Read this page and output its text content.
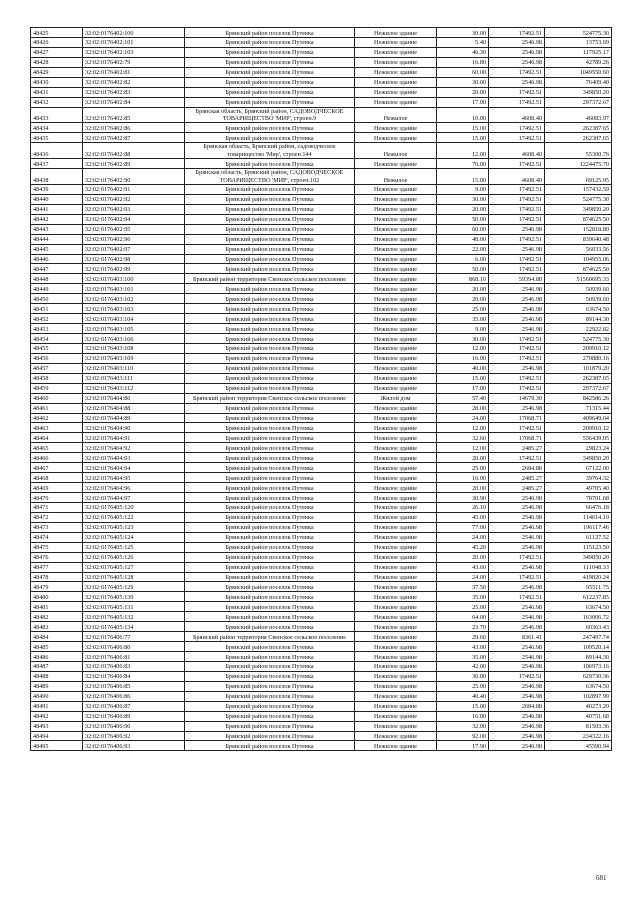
48425	32:02:0176402:100	Брянский район поселок Путевка	Нежилое здание	30.00	17492.51	524775.30
48426	32:02:0176402:101	Брянский район поселок Путевка	Нежилое здание	5.40	2546.98	13753.69
48427	32:02:0176402:103	Брянский район поселок Путевка	Нежилое здание	46.30	2546.98	117925.17
48428	32:02:0176402:79	Брянский район поселок Путевка	Нежилое здание	16.80	2546.98	42789.26
48429	32:02:0176402:81	Брянский район поселок Путевка	Нежилое здание	60.00	17492.51	1049550.60
48430	32:02:0176402:82	Брянский район поселок Путевка	Нежилое здание	30.00	2546.98	76409.40
48431	32:02:0176402:83	Брянский район поселок Путевка	Нежилое здание	20.00	17492.51	349850.20
48432	32:02:0176402:84	Брянский район поселок Путевка	Нежилое здание	17.00	17492.51	297372.67
48433	32:02:0176402:85	Брянская область, Брянский район, САДОВОДЧЕСКОЕ ТОВАРИЩЕСТВО 'МИР', строен.9	Нежилое	10.00	4608.40	46083.97
48434	32:02:0176402:86	Брянский район поселок Путевка	Нежилое здание	15.00	17492.51	262387.65
48435	32:02:0176402:87	Брянский район поселок Путевка	Нежилое здание	15.00	17492.51	262387.65
48436	32:02:0176402:88	Брянская область, Брянский район, садоводческое товарищество 'Мир', строен.144	Нежилое	12.00	4608.40	55300.76
48437	32:02:0176402:89	Брянский район поселок Путевка	Нежилое здание	70.00	17492.51	1224475.70
48438	32:02:0176402:90	Брянская область, Брянский район, САДОВОДЧЕСКОЕ ТОВАРИЩЕСТВО 'МИР', строен.102	Нежилое	15.00	4608.40	69125.95
48439	32:02:0176402:91	Брянский район поселок Путевка	Нежилое здание	9.00	17492.51	157432.59
48440	32:02:0176402:92	Брянский район поселок Путевка	Нежилое здание	30.00	17492.51	524775.30
48441	32:02:0176402:93	Брянский район поселок Путевка	Нежилое здание	20.00	17492.51	349850.20
48442	32:02:0176402:94	Брянский район поселок Путевка	Нежилое здание	50.00	17492.51	874625.50
48443	32:02:0176402:95	Брянский район поселок Путевка	Нежилое здание	60.00	2546.98	152818.80
48444	32:02:0176402:96	Брянский район поселок Путевка	Нежилое здание	48.00	17492.51	839640.48
48445	32:02:0176402:97	Брянский район поселок Путевка	Нежилое здание	22.00	2546.98	56033.56
48446	32:02:0176402:98	Брянский район поселок Путевка	Нежилое здание	6.00	17492.51	104955.06
48447	32:02:0176402:99	Брянский район поселок Путевка	Нежилое здание	50.00	17492.51	874625.50
48448	32:02:0176403:100	Брянский район территория Свенское сельское поселение	Нежилое здание	868.10	59394.88	51560695.33
48449	32:02:0176403:101	Брянский район поселок Путевка	Нежилое здание	20.00	2546.98	50939.60
48450	32:02:0176403:102	Брянский район поселок Путевка	Нежилое здание	20.00	2546.98	50939.60
48451	32:02:0176403:103	Брянский район поселок Путевка	Нежилое здание	25.00	2546.98	63674.50
48452	32:02:0176403:104	Брянский район поселок Путевка	Нежилое здание	35.00	2546.98	89144.30
48453	32:02:0176403:105	Брянский район поселок Путевка	Нежилое здание	9.00	2546.98	22922.82
48454	32:02:0176403:106	Брянский район поселок Путевка	Нежилое здание	30.00	17492.51	524775.30
48455	32:02:0176403:108	Брянский район поселок Путевка	Нежилое здание	12.00	17492.51	209910.12
48456	32:02:0176403:109	Брянский район поселок Путевка	Нежилое здание	16.00	17492.51	279880.16
48457	32:02:0176403:110	Брянский район поселок Путевка	Нежилое здание	40.00	2546.98	101879.20
48458	32:02:0176403:111	Брянский район поселок Путевка	Нежилое здание	15.00	17492.51	262387.65
48459	32:02:0176403:112	Брянский район поселок Путевка	Нежилое здание	17.00	17492.51	297372.67
48460	32:02:0176404:86	Брянский район территория Свенское сельское поселение	Жилой дом	57.40	14679.30	842586.26
48461	32:02:0176404:88	Брянский район поселок Путевка	Нежилое здание	28.00	2546.98	71315.44
48462	32:02:0176404:89	Брянский район поселок Путевка	Нежилое здание	24.00	17068.71	409649.04
48463	32:02:0176404:90	Брянский район поселок Путевка	Нежилое здание	12.00	17492.51	209910.12
48464	32:02:0176404:91	Брянский район поселок Путевка	Нежилое здание	32.60	17068.71	556439.95
48465	32:02:0176404:92	Брянский район поселок Путевка	Нежилое здание	12.00	2485.27	29823.24
48466	32:02:0176404:93	Брянский район поселок Путевка	Нежилое здание	20.00	17492.51	349850.20
48467	32:02:0176404:94	Брянский район поселок Путевка	Нежилое здание	25.00	2684.88	67122.00
48468	32:02:0176404:95	Брянский район поселок Путевка	Нежилое здание	16.00	2485.27	39764.32
48469	32:02:0176404:96	Брянский район поселок Путевка	Нежилое здание	20.00	2485.27	49705.40
48470	32:02:0176404:97	Брянский район поселок Путевка	Нежилое здание	30.90	2546.98	78701.68
48471	32:02:0176405:120	Брянский район поселок Путевка	Нежилое здание	26.10	2546.98	66476.18
48472	32:02:0176405:122	Брянский район поселок Путевка	Нежилое здание	45.00	2546.98	114614.10
48473	32:02:0176405:123	Брянский район поселок Путевка	Нежилое здание	77.00	2546.98	196117.46
48474	32:02:0176405:124	Брянский район поселок Путевка	Нежилое здание	24.00	2546.98	61127.52
48475	32:02:0176405:125	Брянский район поселок Путевка	Нежилое здание	45.20	2546.98	115123.50
48476	32:02:0176405:126	Брянский район поселок Путевка	Нежилое здание	20.00	17492.51	349850.20
48477	32:02:0176405:127	Брянский район поселок Путевка	Нежилое здание	43.60	2546.98	111048.33
48478	32:02:0176405:128	Брянский район поселок Путевка	Нежилое здание	24.00	17492.51	419820.24
48479	32:02:0176405:129	Брянский район поселок Путевка	Нежилое здание	37.50	2546.98	95511.75
48480	32:02:0176405:130	Брянский район поселок Путевка	Нежилое здание	35.00	17492.51	612237.85
48481	32:02:0176405:131	Брянский район поселок Путевка	Нежилое здание	25.00	2546.98	63674.50
48482	32:02:0176405:132	Брянский район поселок Путевка	Нежилое здание	64.00	2546.98	163006.72
48483	32:02:0176405:134	Брянский район поселок Путевка	Нежилое здание	23.70	2546.98	60363.43
48484	32:02:0176406:77	Брянский район территория Свенское сельское поселение	Нежилое здание	29.60	8361.41	247497.74
48485	32:02:0176406:80	Брянский район поселок Путевка	Нежилое здание	43.00	2546.98	109520.14
48486	32:02:0176406:81	Брянский район поселок Путевка	Нежилое здание	35.00	2546.98	89144.30
48487	32:02:0176406:83	Брянский район поселок Путевка	Нежилое здание	42.00	2546.98	106973.16
48488	32:02:0176406:84	Брянский район поселок Путевка	Нежилое здание	36.00	17492.51	629730.36
48489	32:02:0176406:85	Брянский район поселок Путевка	Нежилое здание	25.00	2546.98	63674.50
48490	32:02:0176406:86	Брянский район поселок Путевка	Нежилое здание	40.40	2546.98	102897.99
48491	32:02:0176406:87	Брянский район поселок Путевка	Нежилое здание	15.00	2684.88	40273.20
48492	32:02:0176406:89	Брянский район поселок Путевка	Нежилое здание	16.00	2546.98	40751.68
48493	32:02:0176406:90	Брянский район поселок Путевка	Нежилое здание	32.00	2546.98	81503.36
48494	32:02:0176406:92	Брянский район поселок Путевка	Нежилое здание	92.00	2546.98	234322.16
48495	32:02:0176406:93	Брянский район поселок Путевка	Нежилое здание	17.90	2546.98	45590.94
681
